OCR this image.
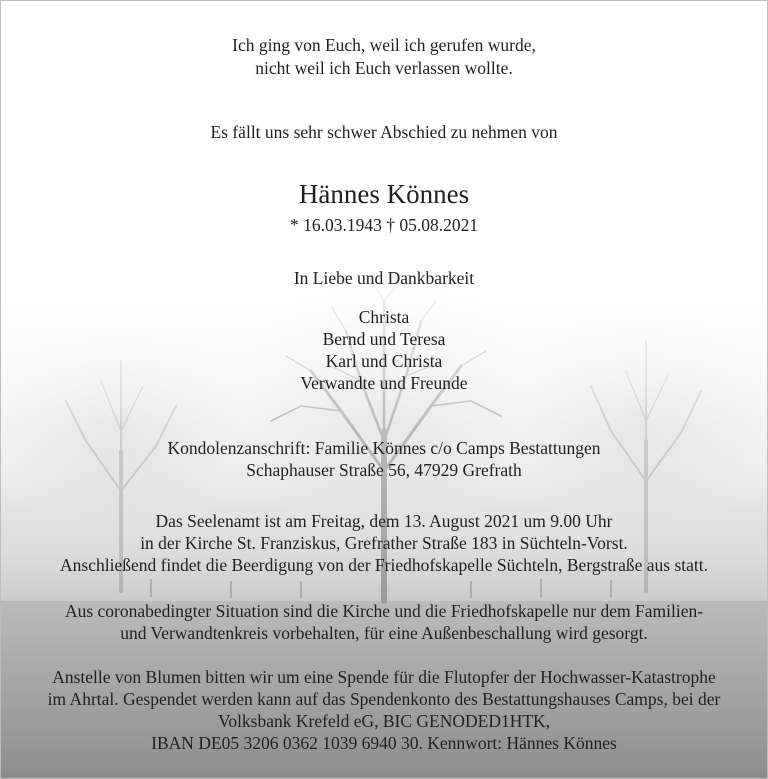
Ich ging von Euch, weil ich gerufen wurde,
nicht weil ich Euch verlassen wollte.
Es fällt uns sehr schwer Abschied zu nehmen von
Hännes Könnes
* 16.03.1943 † 05.08.2021
In Liebe und Dankbarkeit
Christa
Bernd und Teresa
Karl und Christa
Verwandte und Freunde
Kondolenzanschrift: Familie Könnes c/o Camps Bestattungen
Schaphauser Straße 56, 47929 Grefrath
Das Seelenamt ist am Freitag, dem 13. August 2021 um 9.00 Uhr
in der Kirche St. Franziskus, Grefrather Straße 183 in Süchteln-Vorst.
Anschließend findet die Beerdigung von der Friedhofskapelle Süchteln, Bergstraße aus statt.
Aus coronabedingter Situation sind die Kirche und die Friedhofskapelle nur dem Familien-
und Verwandtenkreis vorbehalten, für eine Außenbeschallung wird gesorgt.
Anstelle von Blumen bitten wir um eine Spende für die Flutopfer der Hochwasser-Katastrophe
im Ahrtal. Gespendet werden kann auf das Spendenkonto des Bestattungshauses Camps, bei der
Volksbank Krefeld eG, BIC GENODED1HTK,
IBAN DE05 3206 0362 1039 6940 30. Kennwort: Hännes Könnes
